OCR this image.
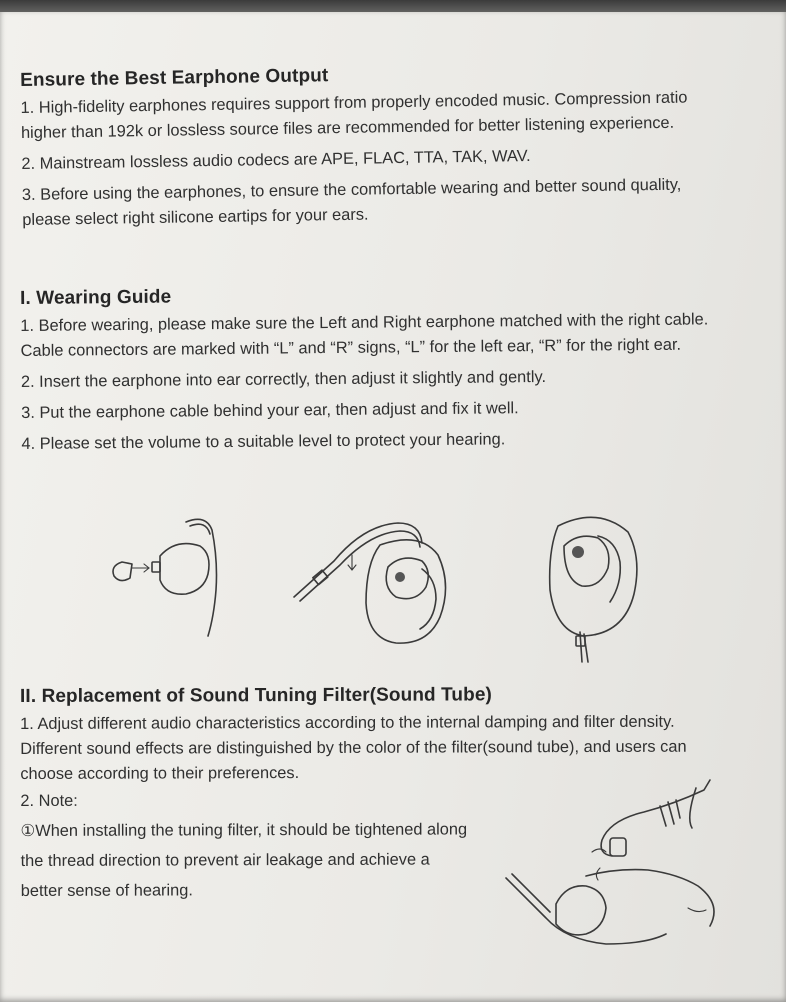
Ensure the Best Earphone Output

1. High-fidelity earphones requires support from properly encoded music. Compression ratio higher than 192k or lossless source files are recommended for better listening experience.

2. Mainstream lossless audio codecs are APE, FLAC, TTA, TAK, WAV.

3. Before using the earphones, to ensure the comfortable wearing and better sound quality, please select right silicone eartips for your ears.

I. Wearing Guide

1. Before wearing, please make sure the Left and Right earphone matched with the right cable. Cable connectors are marked with “L” and “R” signs, “L” for the left ear, “R” for the right ear.

2. Insert the earphone into ear correctly, then adjust it slightly and gently.

3. Put the earphone cable behind your ear, then adjust and fix it well.

4. Please set the volume to a suitable level to protect your hearing.

II. Replacement of Sound Tuning Filter(Sound Tube)

1. Adjust different audio characteristics according to the internal damping and filter density. Different sound effects are distinguished by the color of the filter(sound tube), and users can choose according to their preferences.

2. Note:

①When installing the tuning filter, it should be tightened along the thread direction to prevent air leakage and achieve a better sense of hearing.
